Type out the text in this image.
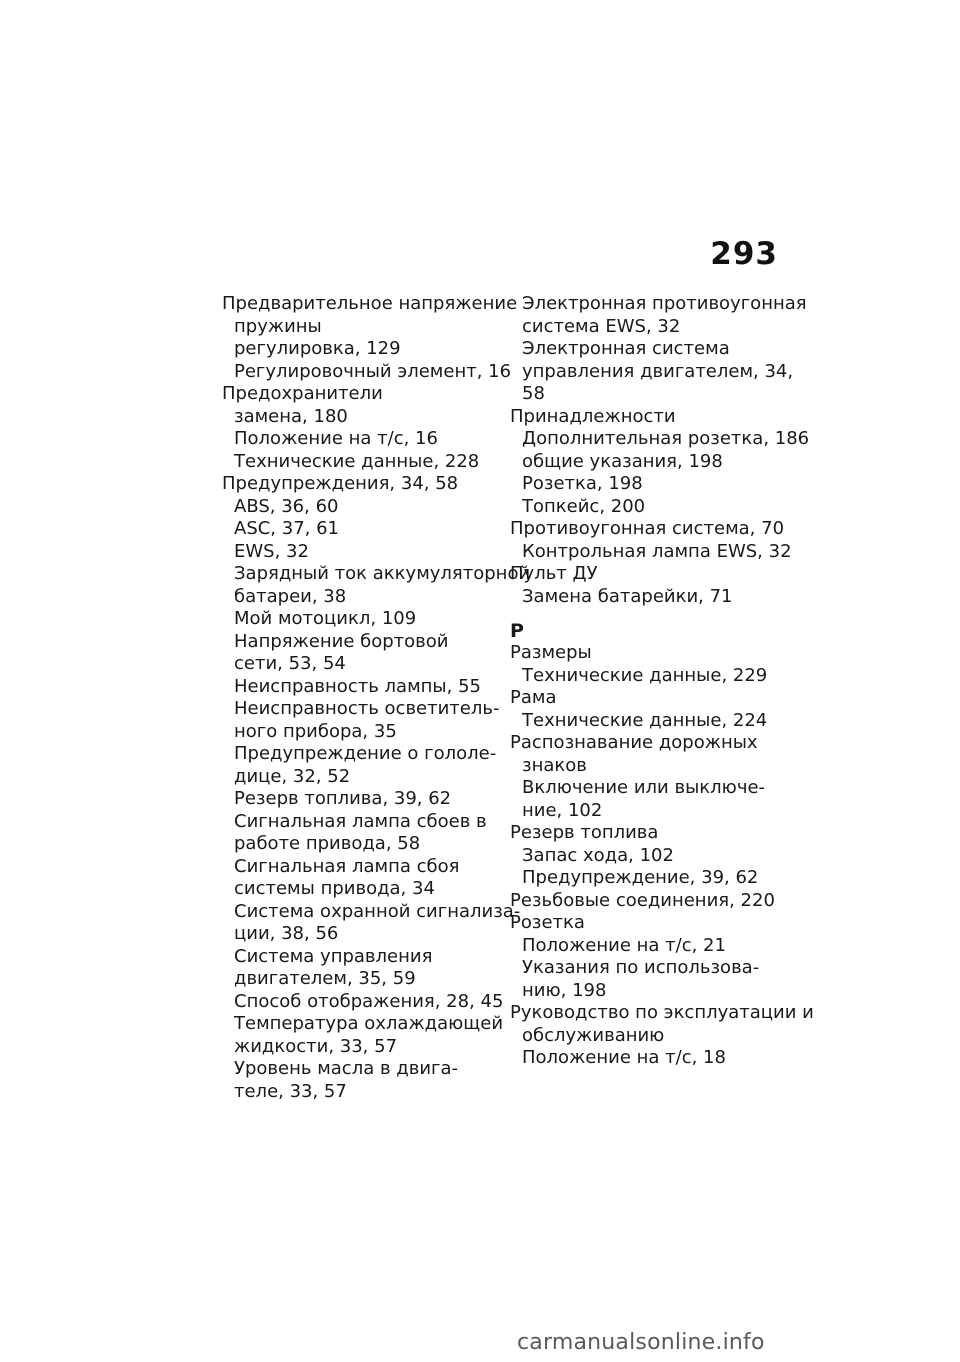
293
Предварительное напряжение
пружины
регулировка, 129
Регулировочный элемент, 16
Предохранители
замена, 180
Положение на т/с, 16
Технические данные, 228
Предупреждения, 34, 58
ABS, 36, 60
ASC, 37, 61
EWS, 32
Зарядный ток аккумуляторной
батареи, 38
Мой мотоцикл, 109
Напряжение бортовой
сети, 53, 54
Неисправность лампы, 55
Неисправность осветитель-
ного прибора, 35
Предупреждение о гололе-
дице, 32, 52
Резерв топлива, 39, 62
Сигнальная лампа сбоев в
работе привода, 58
Сигнальная лампа сбоя
системы привода, 34
Система охранной сигнализа-
ции, 38, 56
Система управления
двигателем, 35, 59
Способ отображения, 28, 45
Температура охлаждающей
жидкости, 33, 57
Уровень масла в двига-
теле, 33, 57
Электронная противоугонная
система EWS, 32
Электронная система
управления двигателем, 34,
58
Принадлежности
Дополнительная розетка, 186
общие указания, 198
Розетка, 198
Топкейс, 200
Противоугонная система, 70
Контрольная лампа EWS, 32
Пульт ДУ
Замена батарейки, 71
Р
Размеры
Технические данные, 229
Рама
Технические данные, 224
Распознавание дорожных
знаков
Включение или выключе-
ние, 102
Резерв топлива
Запас хода, 102
Предупреждение, 39, 62
Резьбовые соединения, 220
Розетка
Положение на т/с, 21
Указания по использова-
нию, 198
Руководство по эксплуатации и
обслуживанию
Положение на т/с, 18
carmanualsonline.info
